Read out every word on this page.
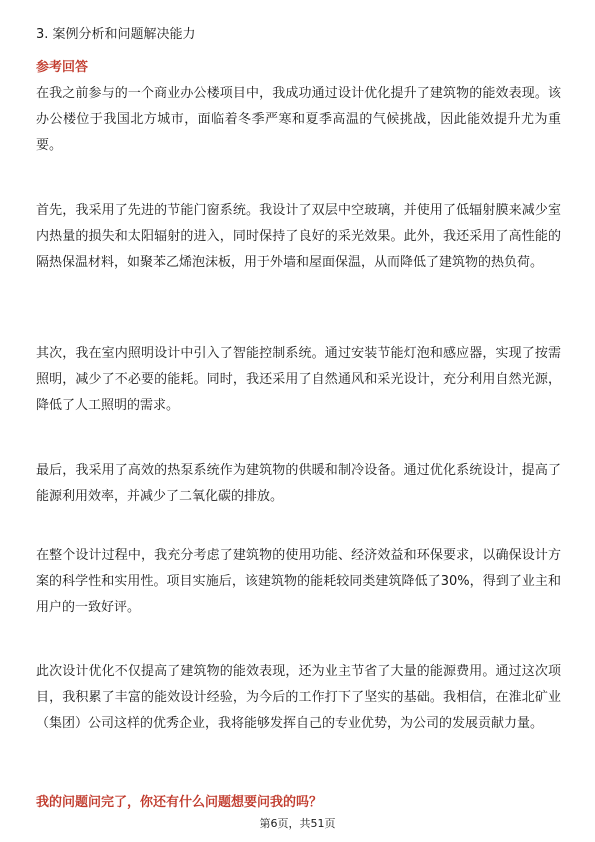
3. 案例分析和问题解决能力
参考回答

在我之前参与的一个商业办公楼项目中，我成功通过设计优化提升了建筑物的能效表现。该办公楼位于我国北方城市，面临着冬季严寒和夏季高温的气候挑战，因此能效提升尤为重要。

首先，我采用了先进的节能门窗系统。我设计了双层中空玻璃，并使用了低辐射膜来减少室内热量的损失和太阳辐射的进入，同时保持了良好的采光效果。此外，我还采用了高性能的隔热保温材料，如聚苯乙烯泡沫板，用于外墙和屋面保温，从而降低了建筑物的热负荷。

其次，我在室内照明设计中引入了智能控制系统。通过安装节能灯泡和感应器，实现了按需照明，减少了不必要的能耗。同时，我还采用了自然通风和采光设计，充分利用自然光源，降低了人工照明的需求。

最后，我采用了高效的热泵系统作为建筑物的供暖和制冷设备。通过优化系统设计，提高了能源利用效率，并减少了二氧化碳的排放。

在整个设计过程中，我充分考虑了建筑物的使用功能、经济效益和环保要求，以确保设计方案的科学性和实用性。项目实施后，该建筑物的能耗较同类建筑降低了30%，得到了业主和用户的一致好评。

此次设计优化不仅提高了建筑物的能效表现，还为业主节省了大量的能源费用。通过这次项目，我积累了丰富的能效设计经验，为今后的工作打下了坚实的基础。我相信，在淮北矿业（集团）公司这样的优秀企业，我将能够发挥自己的专业优势，为公司的发展贡献力量。

我的问题问完了，你还有什么问题想要问我的吗？
第6页，共51页
